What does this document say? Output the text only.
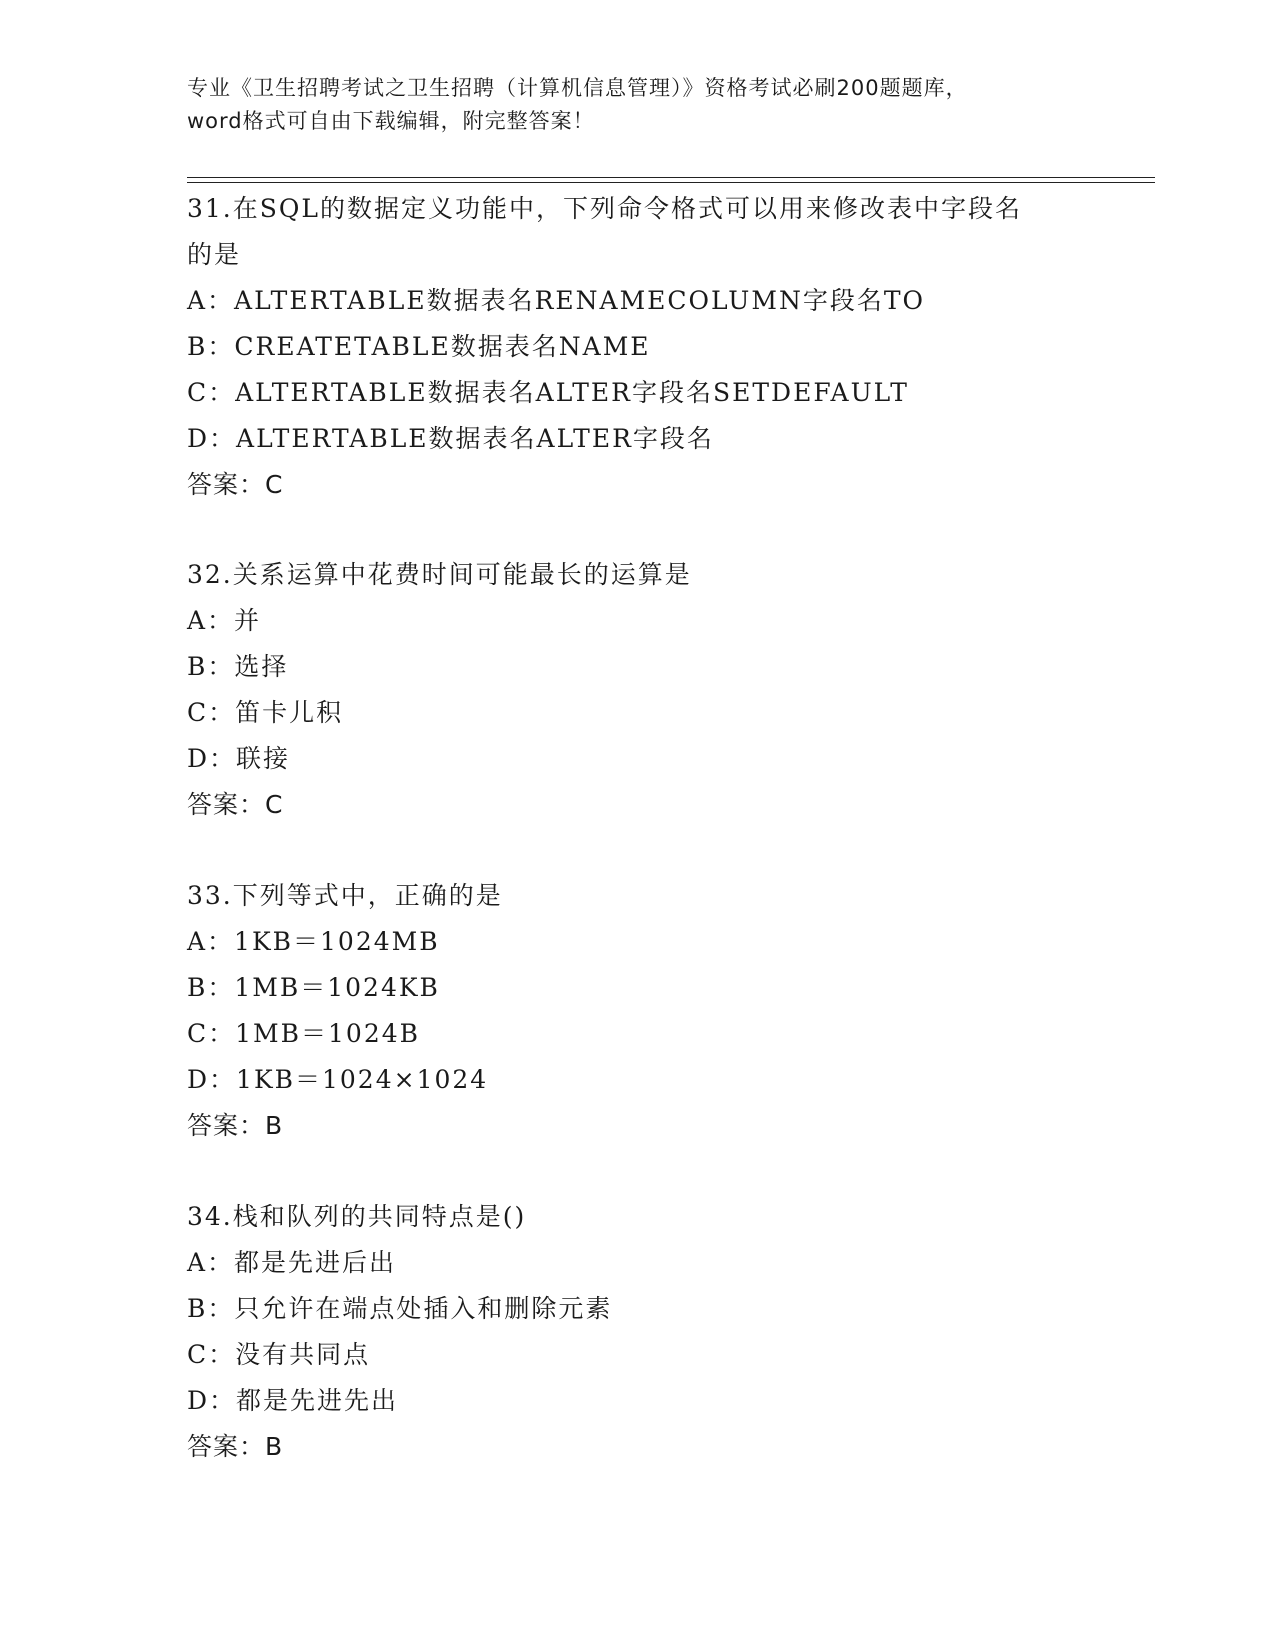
专业《卫生招聘考试之卫生招聘（计算机信息管理）》资格考试必刷200题题库，
word格式可自由下载编辑，附完整答案！
31.在SQL的数据定义功能中，下列命令格式可以用来修改表中字段名
的是
A：ALTERTABLE数据表名RENAMECOLUMN字段名TO
B：CREATETABLE数据表名NAME
C：ALTERTABLE数据表名ALTER字段名SETDEFAULT
D：ALTERTABLE数据表名ALTER字段名
答案：C
32.关系运算中花费时间可能最长的运算是
A：并
B：选择
C：笛卡儿积
D：联接
答案：C
33.下列等式中，正确的是
A：1KB＝1024MB
B：1MB＝1024KB
C：1MB＝1024B
D：1KB＝1024×1024
答案：B
34.栈和队列的共同特点是()
A：都是先进后出
B：只允许在端点处插入和删除元素
C：没有共同点
D：都是先进先出
答案：B
